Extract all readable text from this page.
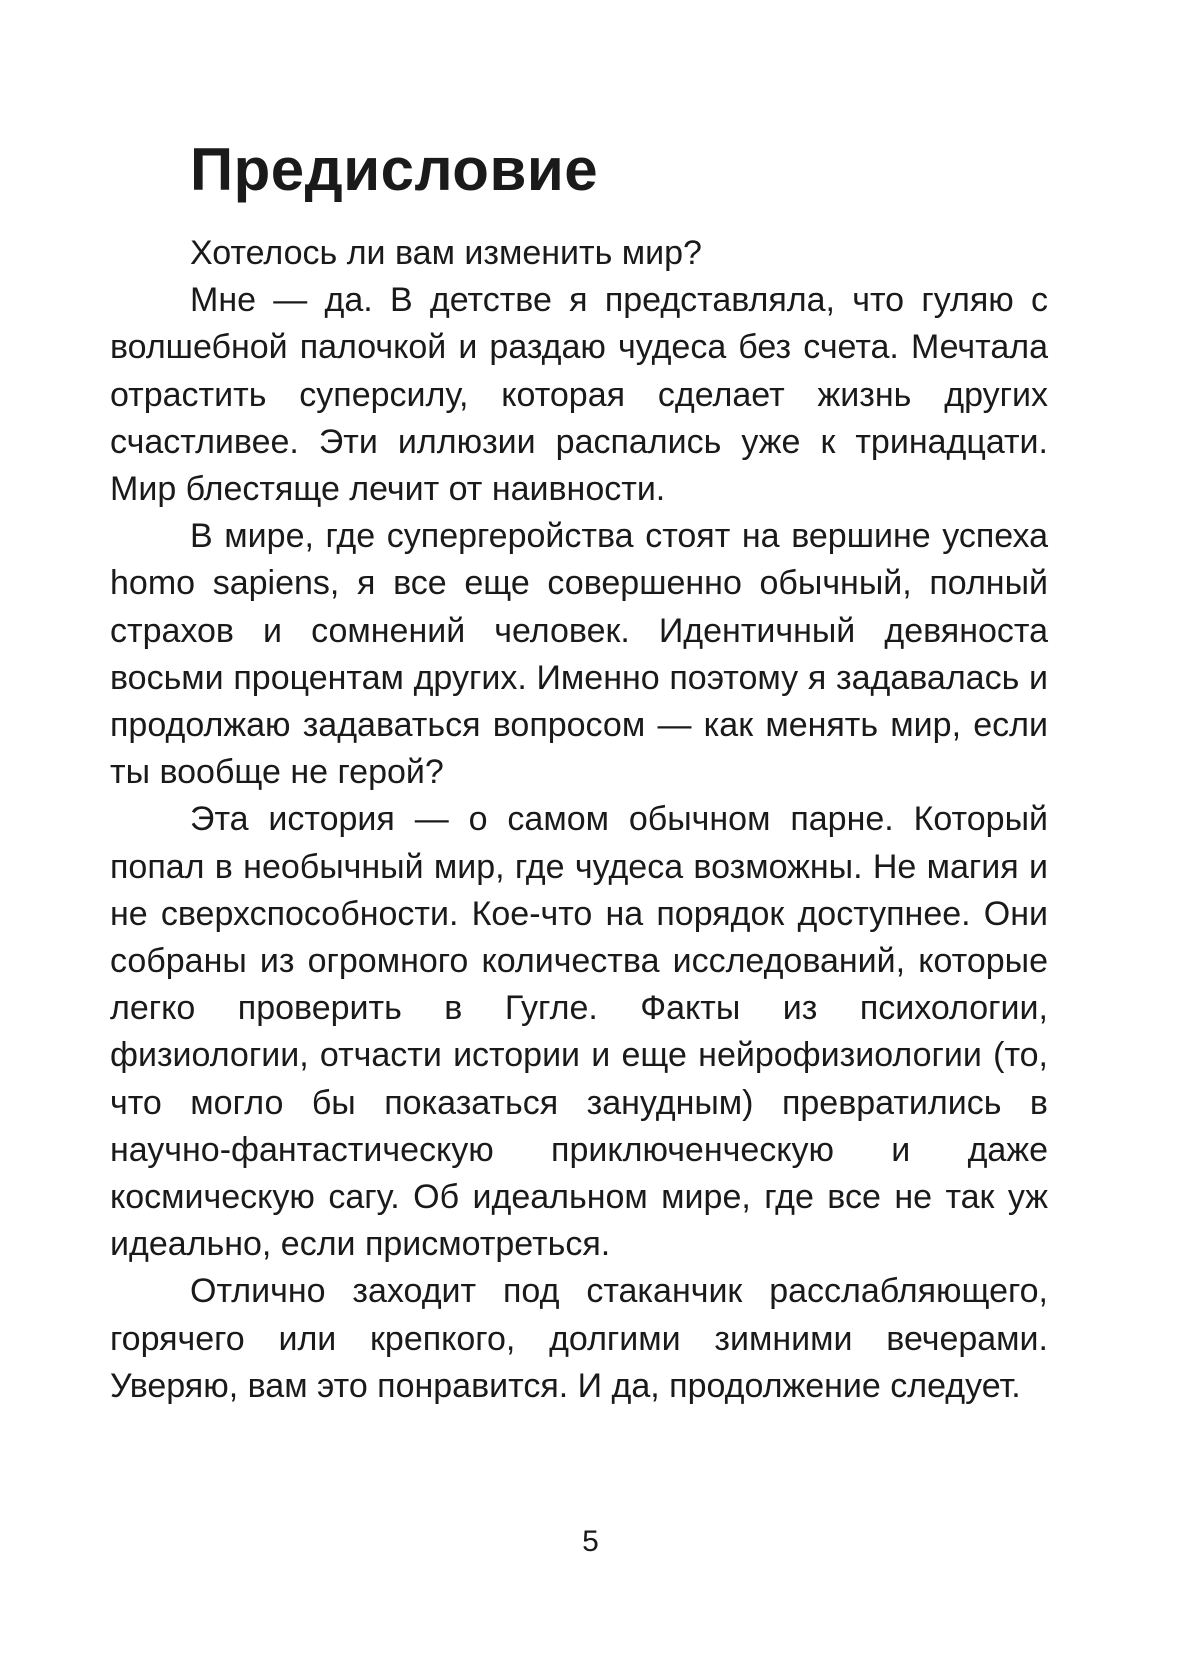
Предисловие

Хотелось ли вам изменить мир?

Мне — да. В детстве я представляла, что гуляю с волшебной палочкой и раздаю чудеса без счета. Мечтала отрастить суперсилу, которая сделает жизнь других счастливее. Эти иллюзии распались уже к тринадцати. Мир блестяще лечит от наивности.

В мире, где супергеройства стоят на вершине успеха homo sapiens, я все еще совершенно обычный, полный страхов и сомнений человек. Идентичный девяноста восьми процентам других. Именно поэтому я задавалась и продолжаю задаваться вопросом — как менять мир, если ты вообще не герой?

Эта история — о самом обычном парне. Который попал в необычный мир, где чудеса возможны. Не магия и не сверхспособности. Кое-что на порядок доступнее. Они собраны из огромного количества исследований, которые легко проверить в Гугле. Факты из психологии, физиологии, отчасти истории и еще нейрофизиологии (то, что могло бы показаться занудным) превратились в научно-фантастическую приключенческую и даже космическую сагу. Об идеальном мире, где все не так уж идеально, если присмотреться.

Отлично заходит под стаканчик расслабляющего, горячего или крепкого, долгими зимними вечерами. Уверяю, вам это понравится. И да, продолжение следует.

5
